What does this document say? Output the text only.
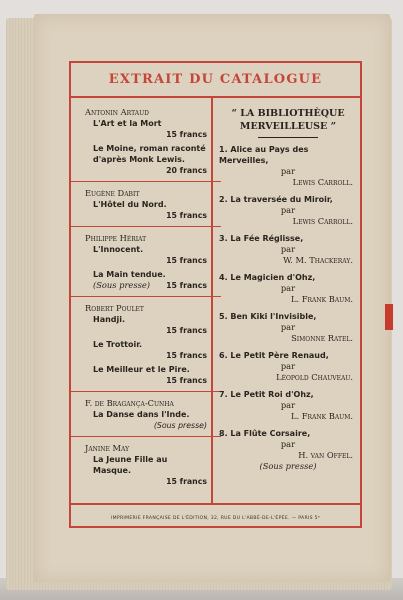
EXTRAIT DU CATALOGUE
Antonin Artaud
L'Art et la Mort
15 francs
Le Moine, roman raconté d'après Monk Lewis.
20 francs
Eugène Dabit
L'Hôtel du Nord.
15 francs
Philippe Hériat
L'Innocent.
15 francs
La Main tendue.
(Sous presse) 15 francs
Robert Poulet
Handji.
15 francs
Le Trottoir.
15 francs
Le Meilleur et le Pire.
15 francs
F. de Bragança-Cunha
La Danse dans l'Inde.
(Sous presse)
Janine May
La Jeune Fille au Masque.
15 francs
“ LA BIBLIOTHÈQUE
MERVEILLEUSE ”
1. Alice au Pays des Merveilles,
par
Lewis Carroll.
2. La traversée du Miroir,
par
Lewis Carroll.
3. La Fée Réglisse,
par
W. M. Thackeray.
4. Le Magicien d'Ohz,
par
L. Frank Baum.
5. Ben Kiki l'Invisible,
par
Simonne Ratel.
6. Le Petit Père Renaud,
par
Léopold Chauveau.
7. Le Petit Roi d'Ohz,
par
L. Frank Baum.
8. La Flûte Corsaire,
par
H. van Offel.
(Sous presse)
IMPRIMERIE FRANÇAISE DE L'ÉDITION, 32, RUE DU L'ABBÉ-DE-L'ÉPÉE. — PARIS 5ᵉ
